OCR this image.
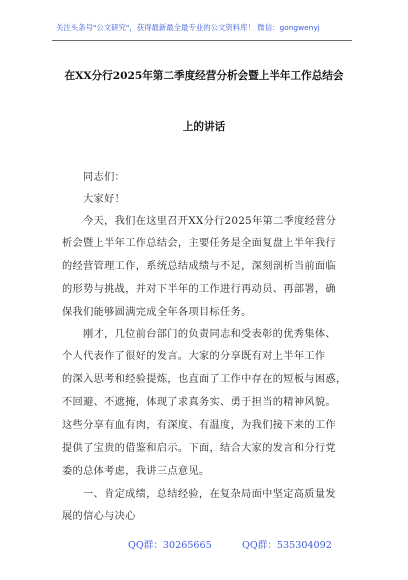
关注头条号"公文研究"，获得最新最全最专业的公文资料库！ 微信：gongwenyj
在XX分行2025年第二季度经营分析会暨上半年工作总结会
上的讲话
同志们：
大家好！
今天，我们在这里召开XX分行2025年第二季度经营分
析会暨上半年工作总结会，主要任务是全面复盘上半年我行
的经营管理工作，系统总结成绩与不足，深刻剖析当前面临
的形势与挑战，并对下半年的工作进行再动员、再部署，确
保我们能够圆满完成全年各项目标任务。
刚才，几位前台部门的负责同志和受表彰的优秀集体、
个人代表作了很好的发言。大家的分享既有对上半年工作
的深入思考和经验提炼，也直面了工作中存在的短板与困惑，
不回避、不遮掩，体现了求真务实、勇于担当的精神风貌。
这些分享有血有肉，有深度、有温度，为我们接下来的工作
提供了宝贵的借鉴和启示。下面，结合大家的发言和分行党
委的总体考虑，我讲三点意见。
一、肯定成绩，总结经验，在复杂局面中坚定高质量发
展的信心与决心
QQ群：30265665	QQ群：535304092
